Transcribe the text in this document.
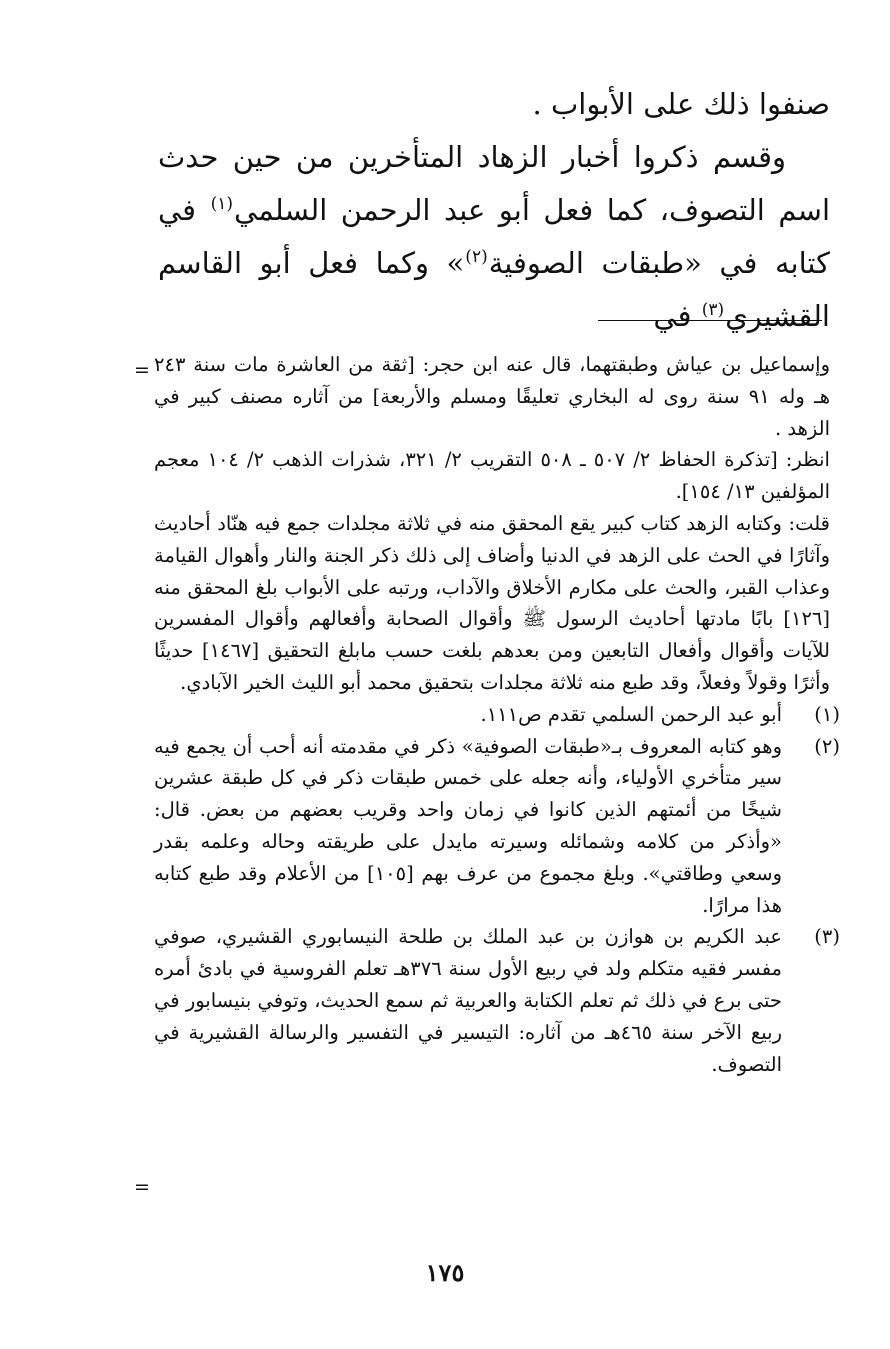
صنفوا ذلك على الأبواب .

وقسم ذكروا أخبار الزهاد المتأخرين من حين حدث اسم التصوف، كما فعل أبو عبد الرحمن السلمي$^{(١)}$ في كتابه في «طبقات الصوفية$^{(٢)}$» وكما فعل أبو القاسم القشيري$^{(٣)}$ في

= وإسماعيل بن عياش وطبقتهما، قال عنه ابن حجر: [ثقة من العاشرة مات سنة ٢٤٣ هـ وله ٩١ سنة روى له البخاري تعليقًا ومسلم والأربعة] من آثاره مصنف كبير في الزهد .

انظر: [تذكرة الحفاظ ٢/ ٥٠٧ ـ ٥٠٨ التقريب ٢/ ٣٢١، شذرات الذهب ٢/ ١٠٤ معجم المؤلفين ١٣/ ١٥٤].

قلت: وكتابه الزهد كتاب كبير يقع المحقق منه في ثلاثة مجلدات جمع فيه هنّاد أحاديث وآثارًا في الحث على الزهد في الدنيا وأضاف إلى ذلك ذكر الجنة والنار وأهوال القيامة وعذاب القبر، والحث على مكارم الأخلاق والآداب، ورتبه على الأبواب بلغ المحقق منه [١٢٦] بابًا مادتها أحاديث الرسول ﷺ وأقوال الصحابة وأفعالهم وأقوال المفسرين للآيات وأقوال وأفعال التابعين ومن بعدهم بلغت حسب مابلغ التحقيق [١٤٦٧] حديثًا وأثرًا وقولاً وفعلاً، وقد طبع منه ثلاثة مجلدات بتحقيق محمد أبو الليث الخير الآبادي.

(١)
أبو عبد الرحمن السلمي تقدم ص١١١.

(٢)
وهو كتابه المعروف بـ«طبقات الصوفية» ذكر في مقدمته أنه أحب أن يجمع فيه سير متأخري الأولياء، وأنه جعله على خمس طبقات ذكر في كل طبقة عشرين شيخًا من أئمتهم الذين كانوا في زمان واحد وقريب بعضهم من بعض. قال: «وأذكر من كلامه وشمائله وسيرته مايدل على طريقته وحاله وعلمه بقدر وسعي وطاقتي». وبلغ مجموع من عرف بهم [١٠٥] من الأعلام وقد طبع كتابه هذا مرارًا.

(٣)
عبد الكريم بن هوازن بن عبد الملك بن طلحة النيسابوري القشيري، صوفي مفسر فقيه متكلم ولد في ربيع الأول سنة ٣٧٦هـ تعلم الفروسية في بادئ أمره حتى برع في ذلك ثم تعلم الكتابة والعربية ثم سمع الحديث، وتوفي بنيسابور في ربيع الآخر سنة ٤٦٥هـ من آثاره: التيسير في التفسير والرسالة القشيرية في التصوف.

=
١٧٥
